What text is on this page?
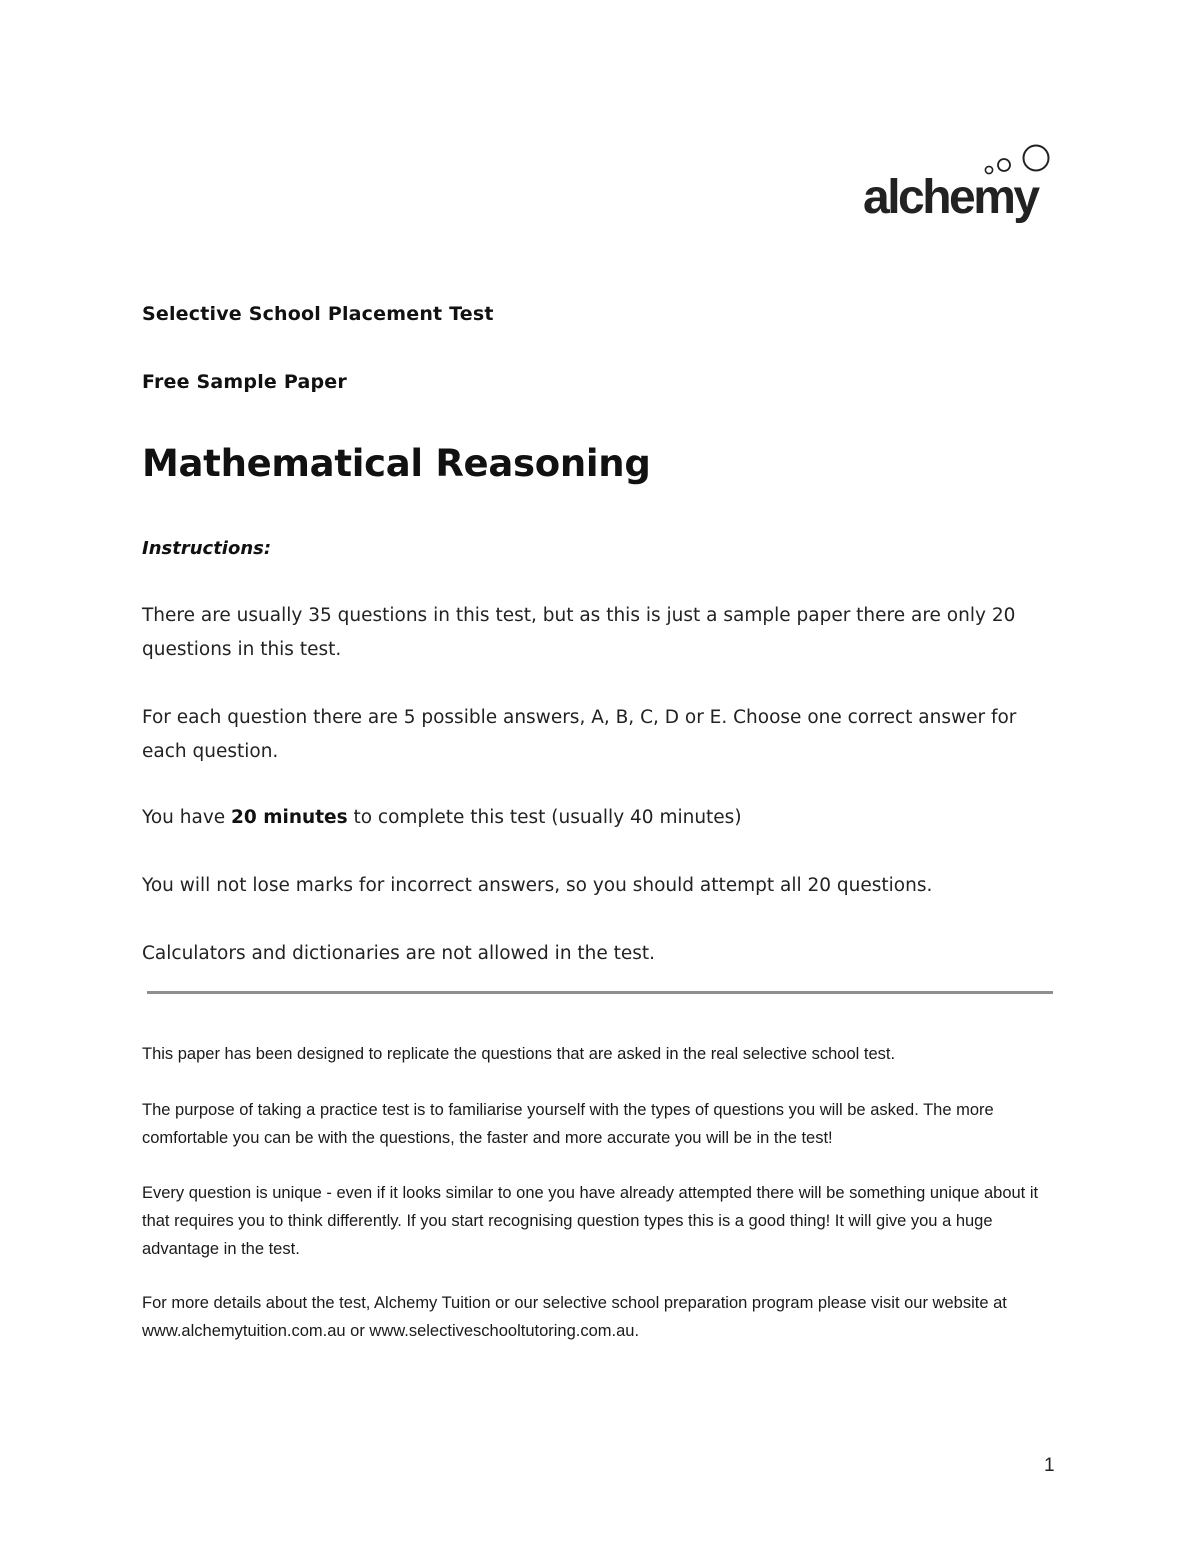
alchemy
Selective School Placement Test
Free Sample Paper
Mathematical Reasoning
Instructions:

There are usually 35 questions in this test, but as this is just a sample paper there are only 20 questions in this test.

For each question there are 5 possible answers, A, B, C, D or E. Choose one correct answer for each question.

You have 20 minutes to complete this test (usually 40 minutes)

You will not lose marks for incorrect answers, so you should attempt all 20 questions.

Calculators and dictionaries are not allowed in the test.

This paper has been designed to replicate the questions that are asked in the real selective school test.

The purpose of taking a practice test is to familiarise yourself with the types of questions you will be asked. The more comfortable you can be with the questions, the faster and more accurate you will be in the test!

Every question is unique - even if it looks similar to one you have already attempted there will be something unique about it that requires you to think differently. If you start recognising question types this is a good thing! It will give you a huge advantage in the test.

For more details about the test, Alchemy Tuition or our selective school preparation program please visit our website at www.alchemytuition.com.au or www.selectiveschooltutoring.com.au.

1
